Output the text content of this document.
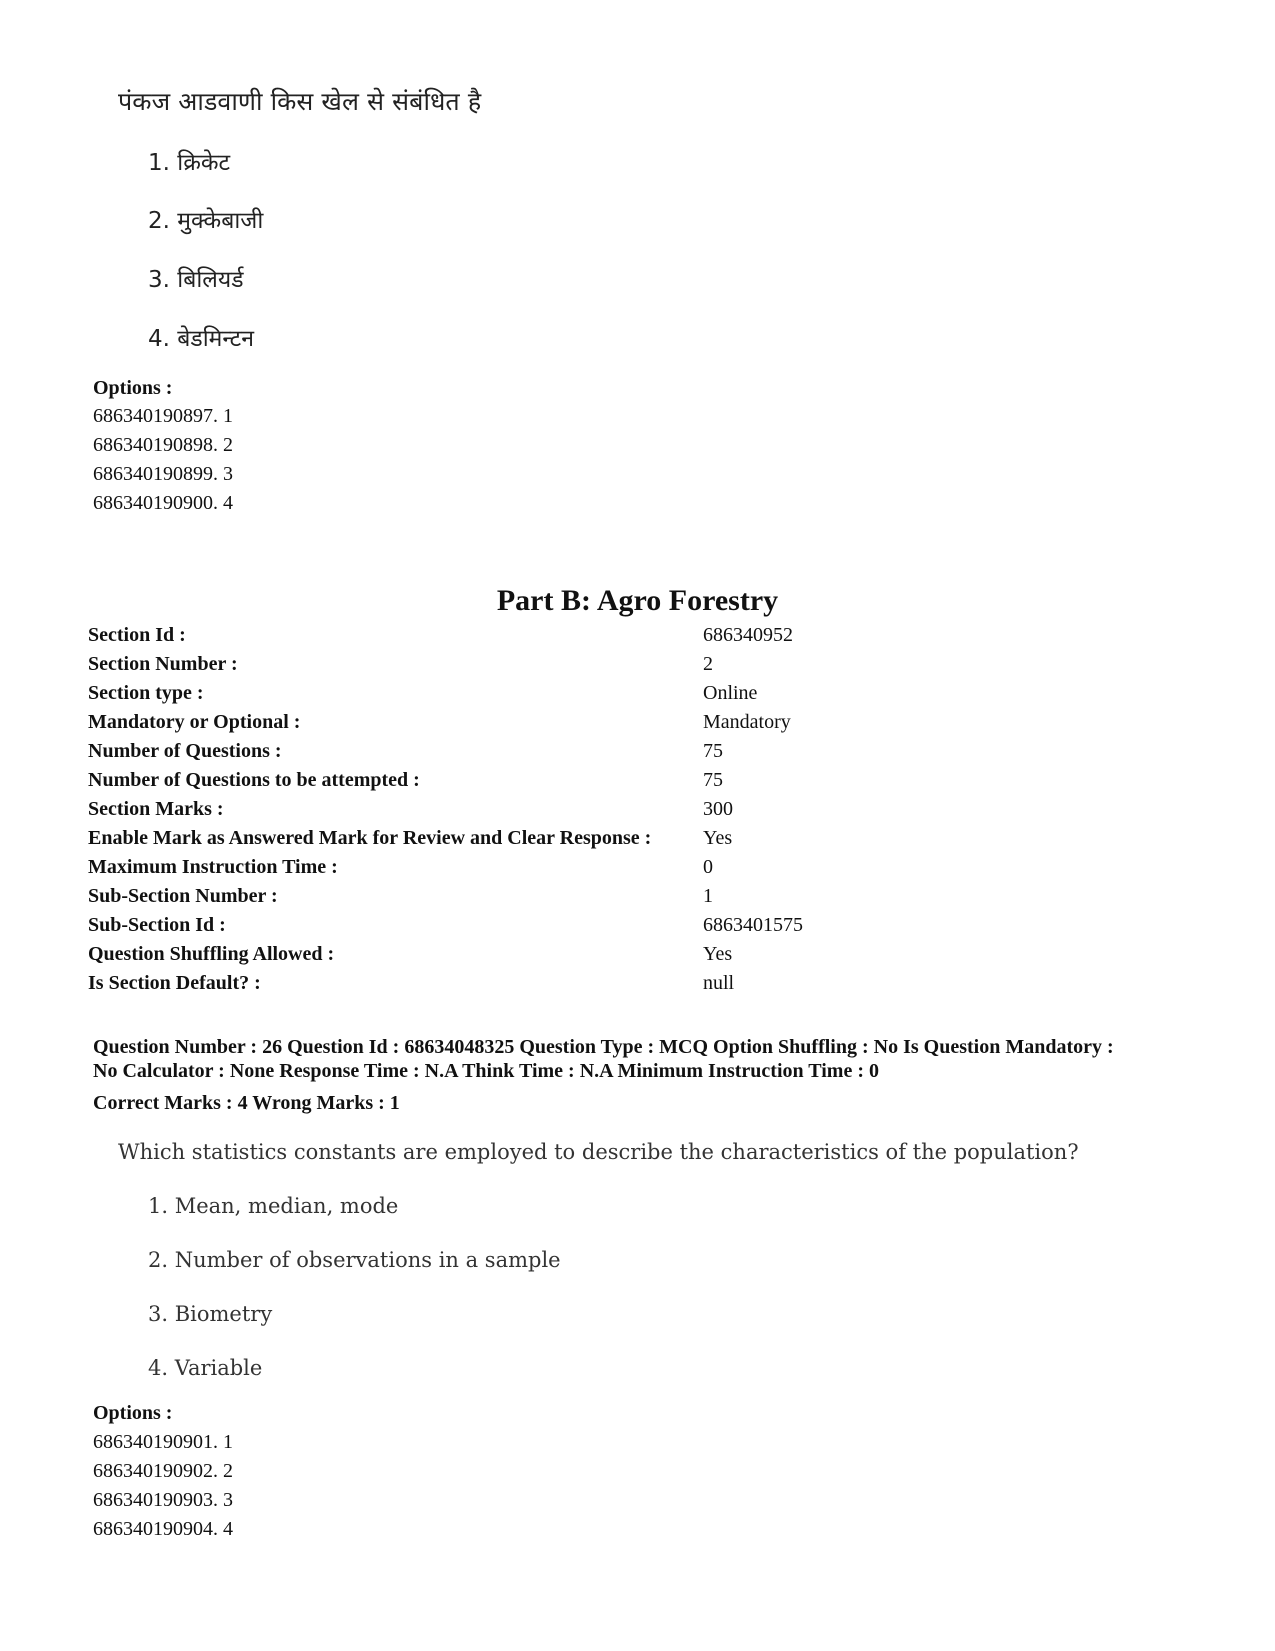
पंकज आडवाणी किस खेल से संबंधित है
1. क्रिकेट
2. मुक्केबाजी
3. बिलियर्ड
4. बेडमिन्टन
Options :
686340190897. 1
686340190898. 2
686340190899. 3
686340190900. 4
Part B: Agro Forestry
Section Id :	686340952
Section Number :	2
Section type :	Online
Mandatory or Optional :	Mandatory
Number of Questions :	75
Number of Questions to be attempted :	75
Section Marks :	300
Enable Mark as Answered Mark for Review and Clear Response :	Yes
Maximum Instruction Time :	0
Sub-Section Number :	1
Sub-Section Id :	6863401575
Question Shuffling Allowed :	Yes
Is Section Default? :	null
Question Number : 26 Question Id : 68634048325 Question Type : MCQ Option Shuffling : No Is Question Mandatory :
No Calculator : None Response Time : N.A Think Time : N.A Minimum Instruction Time : 0
Correct Marks : 4 Wrong Marks : 1
Which statistics constants are employed to describe the characteristics of the population?
1. Mean, median, mode
2. Number of observations in a sample
3. Biometry
4. Variable
Options :
686340190901. 1
686340190902. 2
686340190903. 3
686340190904. 4
